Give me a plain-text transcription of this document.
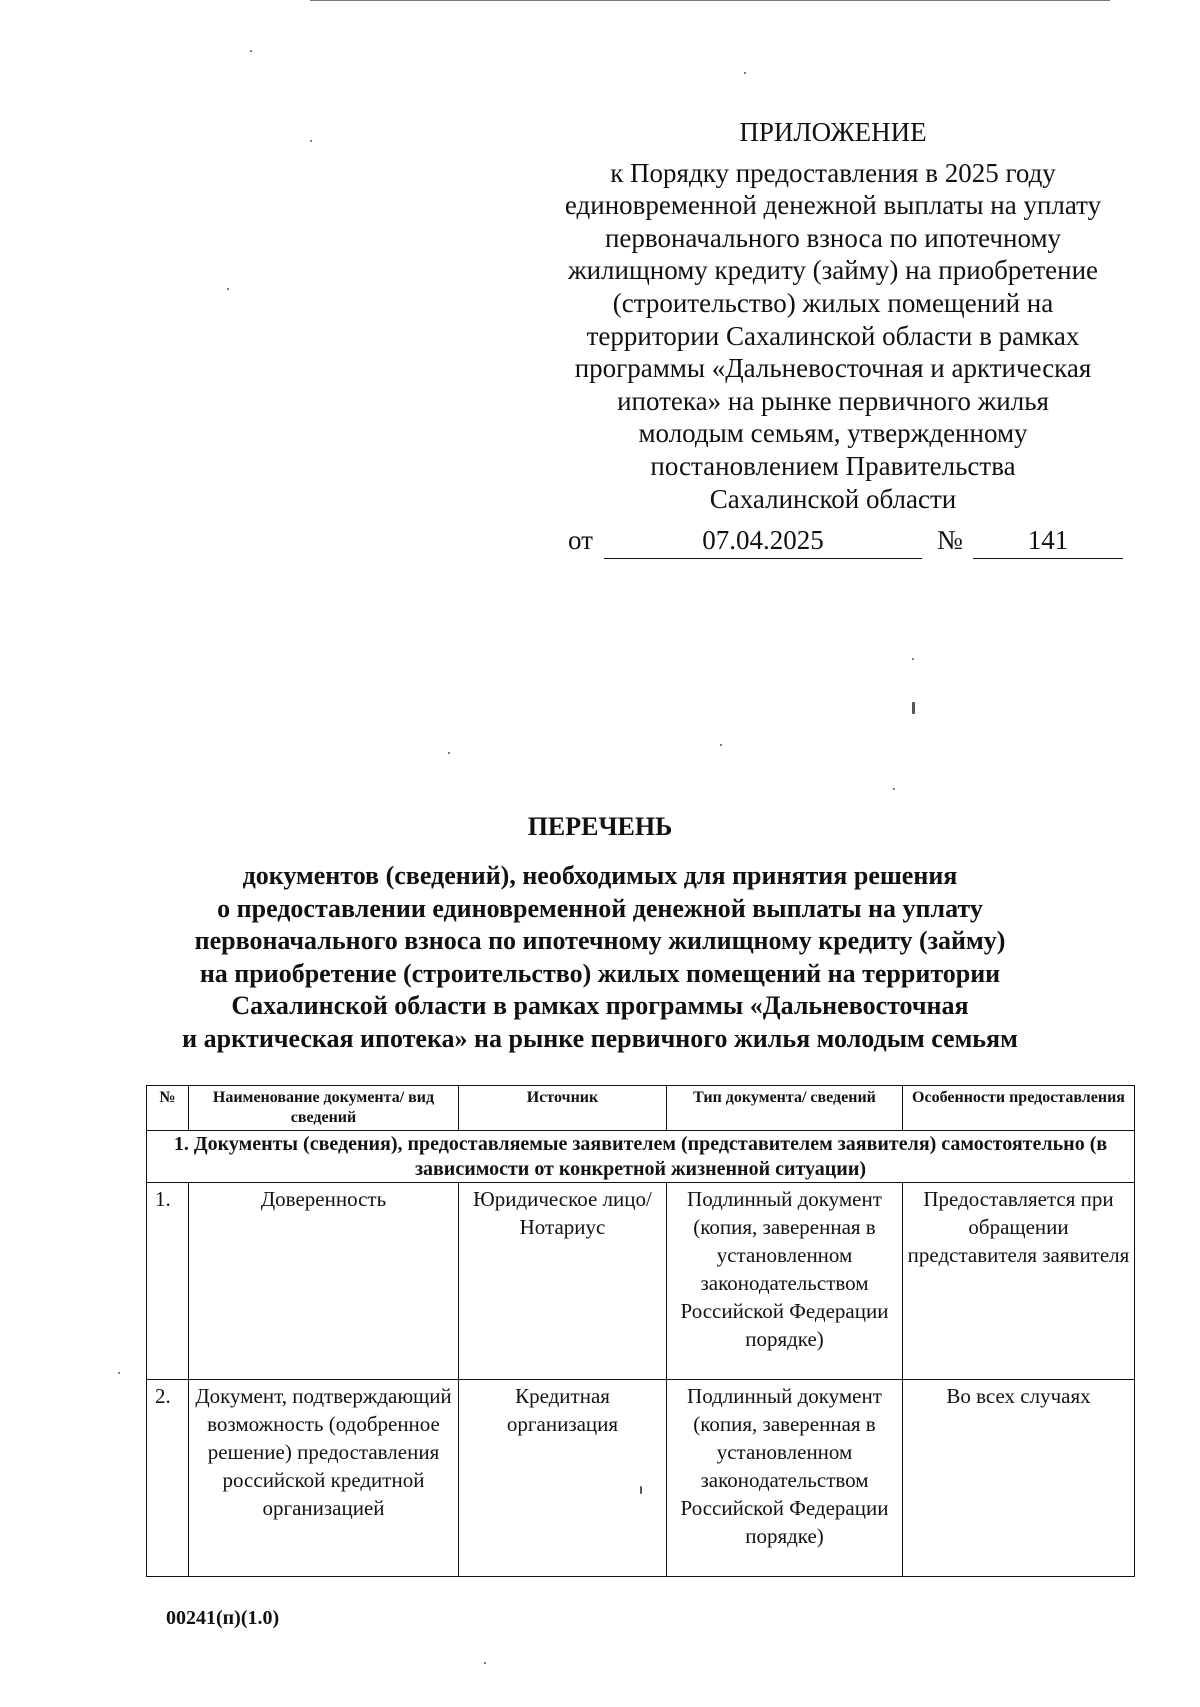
ПРИЛОЖЕНИЕ
к Порядку предоставления в 2025 году
единовременной денежной выплаты на уплату
первоначального взноса по ипотечному
жилищному кредиту (займу) на приобретение
(строительство) жилых помещений на
территории Сахалинской области в рамках
программы «Дальневосточная и арктическая
ипотека» на рынке первичного жилья
молодым семьям, утвержденному
постановлением Правительства
Сахалинской области
от	07.04.2025	№	141
ПЕРЕЧЕНЬ
документов (сведений), необходимых для принятия решения
о предоставлении единовременной денежной выплаты на уплату
первоначального взноса по ипотечному жилищному кредиту (займу)
на приобретение (строительство) жилых помещений на территории
Сахалинской области в рамках программы «Дальневосточная
и арктическая ипотека» на рынке первичного жилья молодым семьям
№	Наименование документа/ вид сведений	Источник	Тип документа/ сведений	Особенности предоставления
1. Документы (сведения), предоставляемые заявителем (представителем заявителя) самостоятельно (в зависимости от конкретной жизненной ситуации)				
1.	Доверенность	Юридическое лицо/ Нотариус	Подлинный документ (копия, заверенная в установленном законодательством Российской Федерации порядке)	Предоставляется при обращении представителя заявителя
2.	Документ, подтверждающий возможность (одобренное решение) предоставления российской кредитной организацией	Кредитная организация	Подлинный документ (копия, заверенная в установленном законодательством Российской Федерации порядке)	Во всех случаях
00241(п)(1.0)
